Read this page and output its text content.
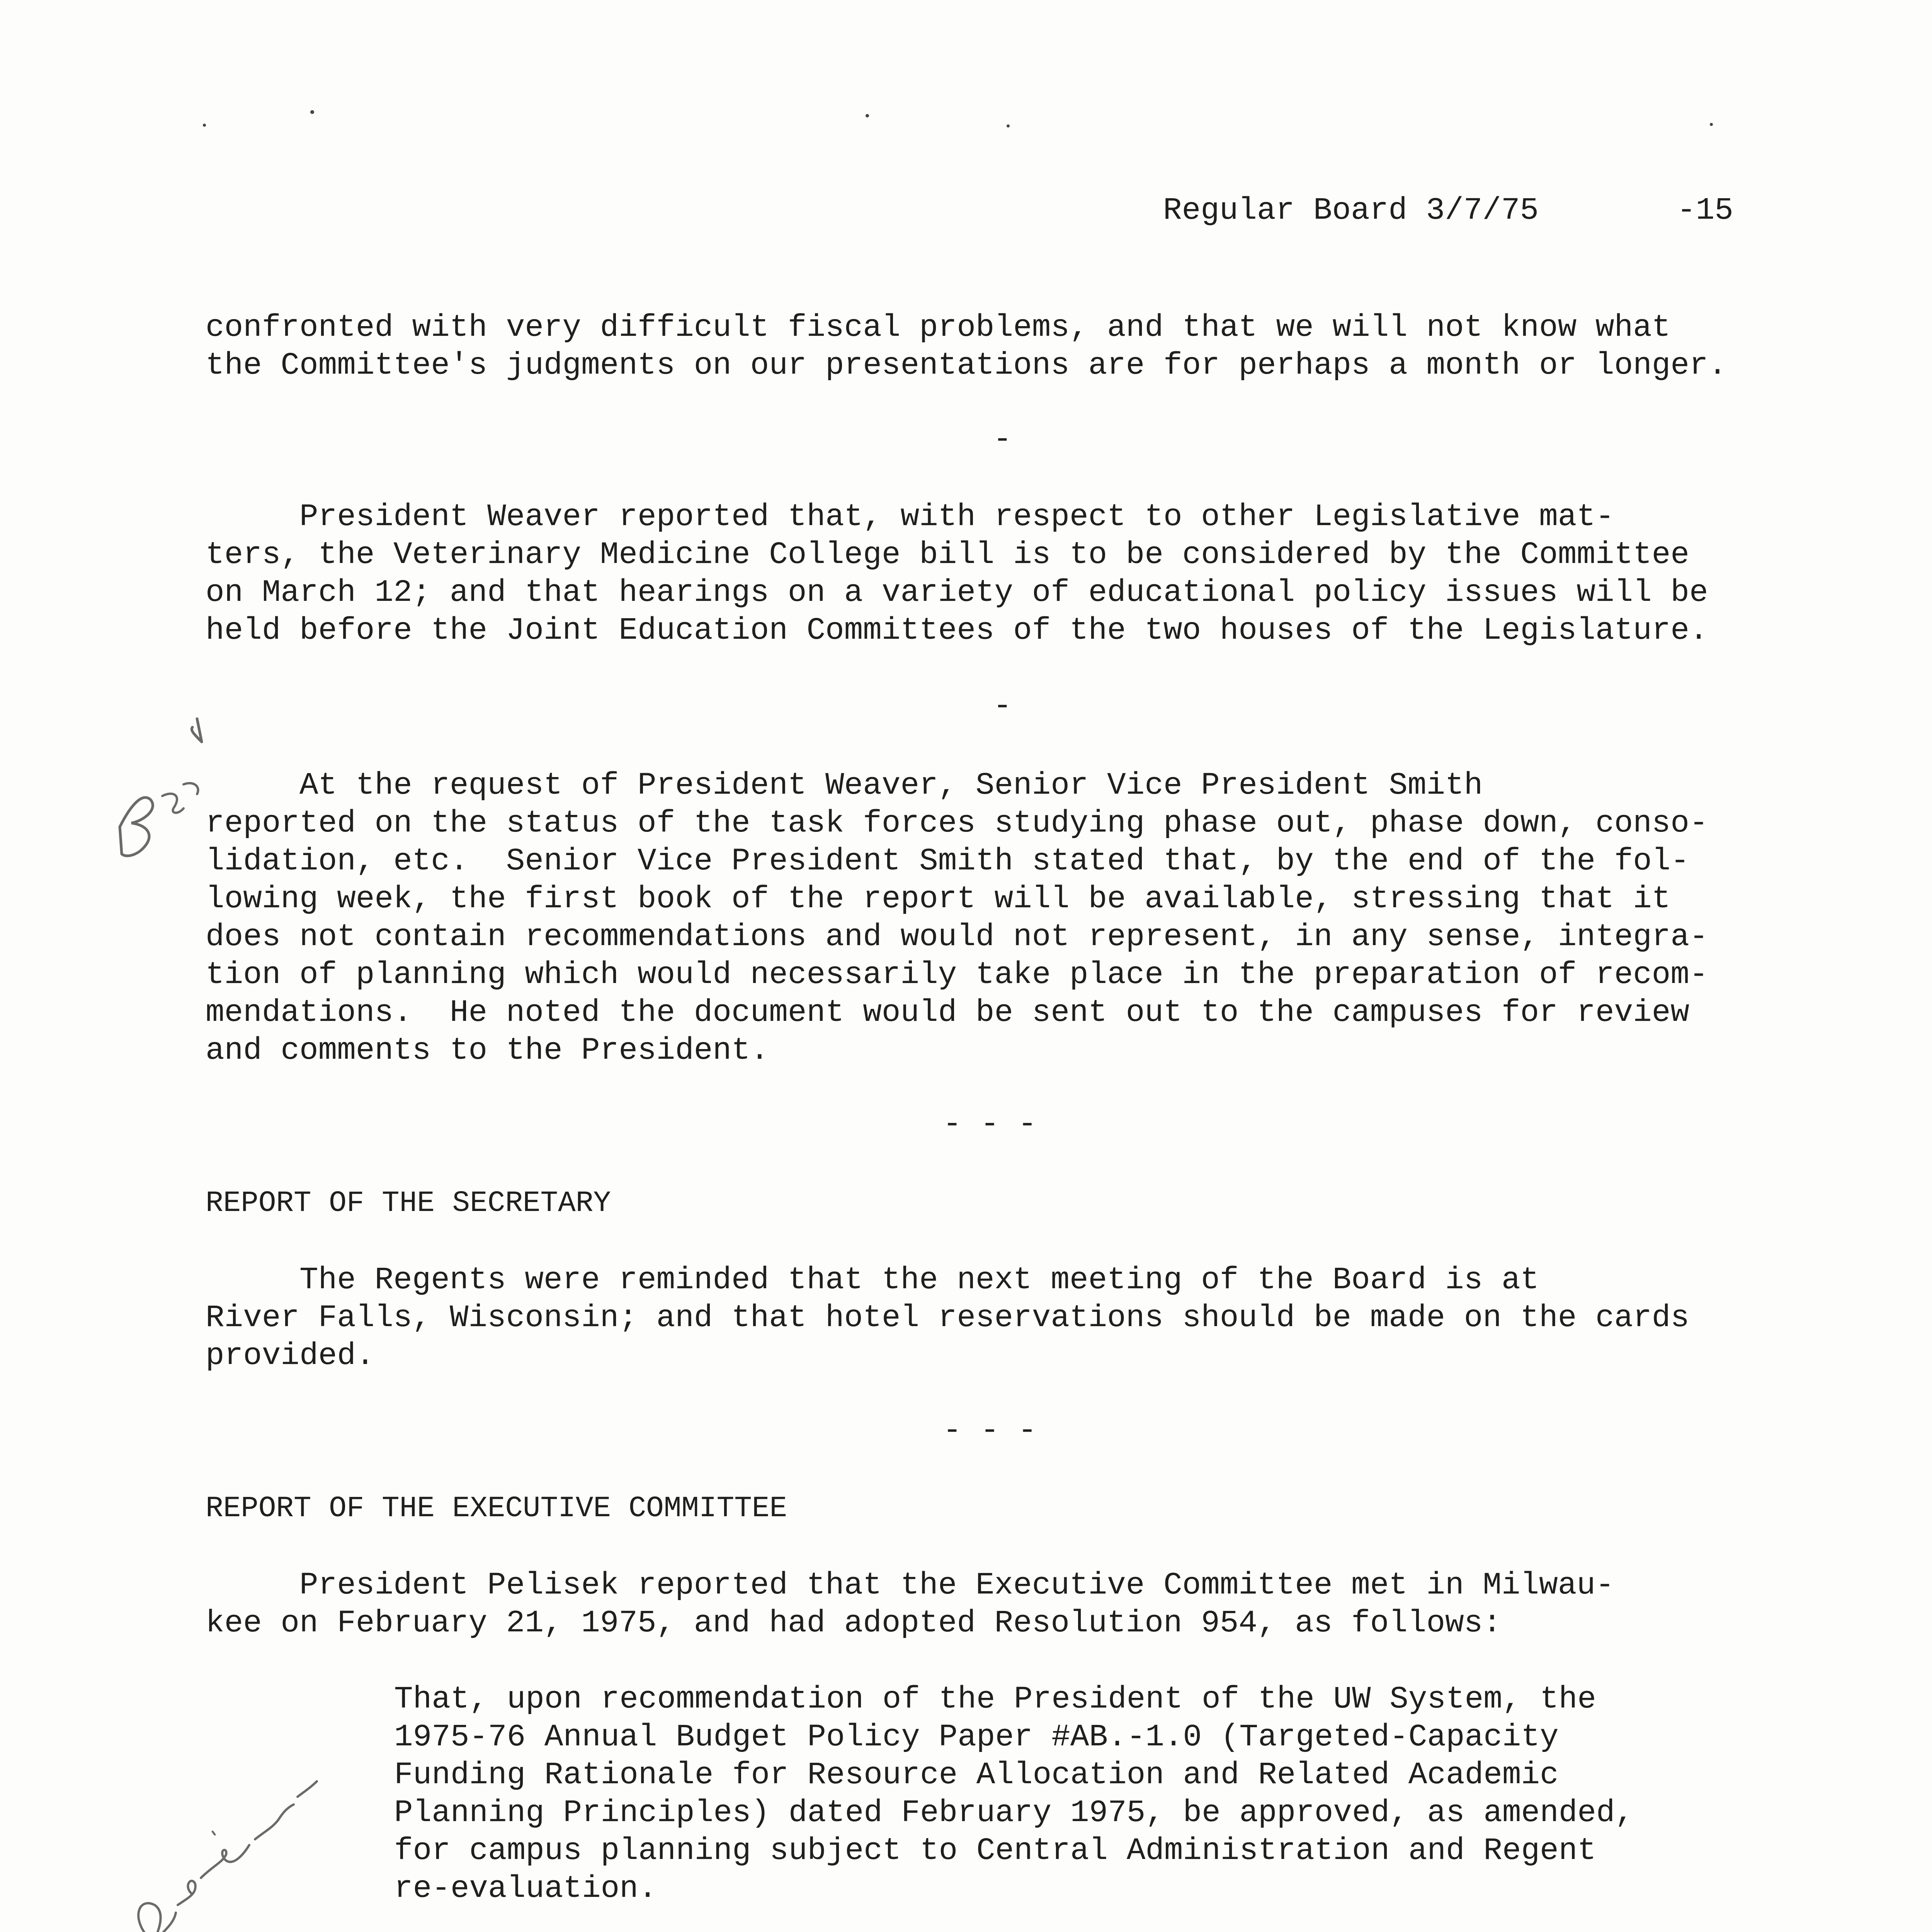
Regular Board 3/7/75	-15
confronted with very difficult fiscal problems, and that we will not know what
the Committee's judgments on our presentations are for perhaps a month or longer.
-
President Weaver reported that, with respect to other Legislative mat-
ters, the Veterinary Medicine College bill is to be considered by the Committee
on March 12; and that hearings on a variety of educational policy issues will be
held before the Joint Education Committees of the two houses of the Legislature.
-
At the request of President Weaver, Senior Vice President Smith
reported on the status of the task forces studying phase out, phase down, conso-
lidation, etc.  Senior Vice President Smith stated that, by the end of the fol-
lowing week, the first book of the report will be available, stressing that it
does not contain recommendations and would not represent, in any sense, integra-
tion of planning which would necessarily take place in the preparation of recom-
mendations.  He noted the document would be sent out to the campuses for review
and comments to the President.
- - -
REPORT OF THE SECRETARY
The Regents were reminded that the next meeting of the Board is at
River Falls, Wisconsin; and that hotel reservations should be made on the cards
provided.
- - -
REPORT OF THE EXECUTIVE COMMITTEE
President Pelisek reported that the Executive Committee met in Milwau-
kee on February 21, 1975, and had adopted Resolution 954, as follows:
That, upon recommendation of the President of the UW System, the
1975-76 Annual Budget Policy Paper #AB.-1.0 (Targeted-Capacity
Funding Rationale for Resource Allocation and Related Academic
Planning Principles) dated February 1975, be approved, as amended,
for campus planning subject to Central Administration and Regent
re-evaluation.
